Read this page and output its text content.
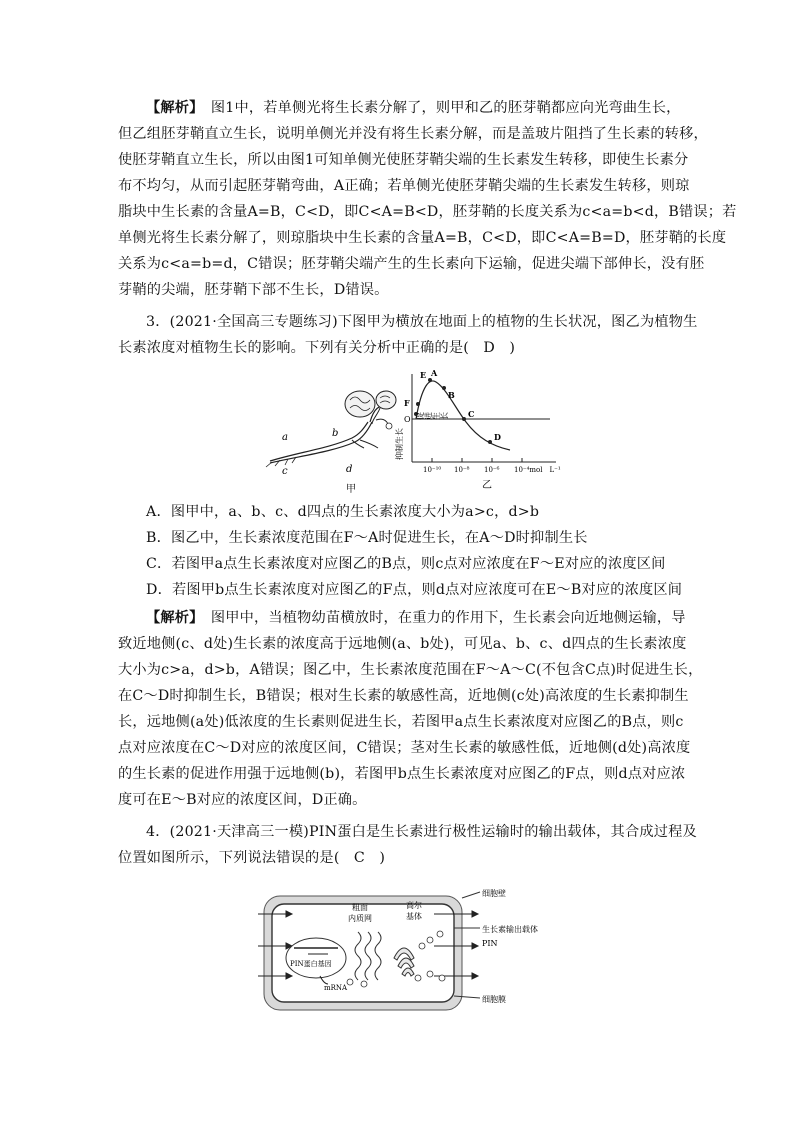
【解析】　图1中，若单侧光将生长素分解了，则甲和乙的胚芽鞘都应向光弯曲生长，
但乙组胚芽鞘直立生长，说明单侧光并没有将生长素分解，而是盖玻片阻挡了生长素的转移，
使胚芽鞘直立生长，所以由图1可知单侧光使胚芽鞘尖端的生长素发生转移，即使生长素分
布不均匀，从而引起胚芽鞘弯曲，A正确；若单侧光使胚芽鞘尖端的生长素发生转移，则琼
脂块中生长素的含量A=B，C<D，即C<A=B<D，胚芽鞘的长度关系为c<a=b<d，B错误；若
单侧光将生长素分解了，则琼脂块中生长素的含量A=B，C<D，即C<A=B=D，胚芽鞘的长度
关系为c<a=b=d，C错误；胚芽鞘尖端产生的生长素向下运输，促进尖端下部伸长，没有胚
芽鞘的尖端，胚芽鞘下部不生长，D错误。
3．(2021·全国高三专题练习)下图甲为横放在地面上的植物的生长状况，图乙为植物生
长素浓度对植物生长的影响。下列有关分析中正确的是(　D　)
a	b
c	d
甲
E A
B
C
D
F
O 促进生长
抑制生长
10⁻¹⁰ 10⁻⁸ 10⁻⁶ 10⁻⁴mol　L⁻¹
乙
A．图甲中，a、b、c、d四点的生长素浓度大小为a>c，d>b
B．图乙中，生长素浓度范围在F～A时促进生长，在A～D时抑制生长
C．若图甲a点生长素浓度对应图乙的B点，则c点对应浓度在F～E对应的浓度区间
D．若图甲b点生长素浓度对应图乙的F点，则d点对应浓度可在E～B对应的浓度区间
【解析】　图甲中，当植物幼苗横放时，在重力的作用下，生长素会向近地侧运输，导
致近地侧(c、d处)生长素的浓度高于远地侧(a、b处)，可见a、b、c、d四点的生长素浓度
大小为c>a，d>b，A错误；图乙中，生长素浓度范围在F～A～C(不包含C点)时促进生长，
在C～D时抑制生长，B错误；根对生长素的敏感性高，近地侧(c处)高浓度的生长素抑制生
长，远地侧(a处)低浓度的生长素则促进生长，若图甲a点生长素浓度对应图乙的B点，则c
点对应浓度在C～D对应的浓度区间，C错误；茎对生长素的敏感性低，近地侧(d处)高浓度
的生长素的促进作用强于远地侧(b)，若图甲b点生长素浓度对应图乙的F点，则d点对应浓
度可在E～B对应的浓度区间，D正确。
4．(2021·天津高三一模)PIN蛋白是生长素进行极性运输时的输出载体，其合成过程及
位置如图所示，下列说法错误的是(　C　)
PIN蛋白基因
mRNA
粗面
内质网
高尔
基体
细胞壁
生长素输出载体
PIN
细胞膜
